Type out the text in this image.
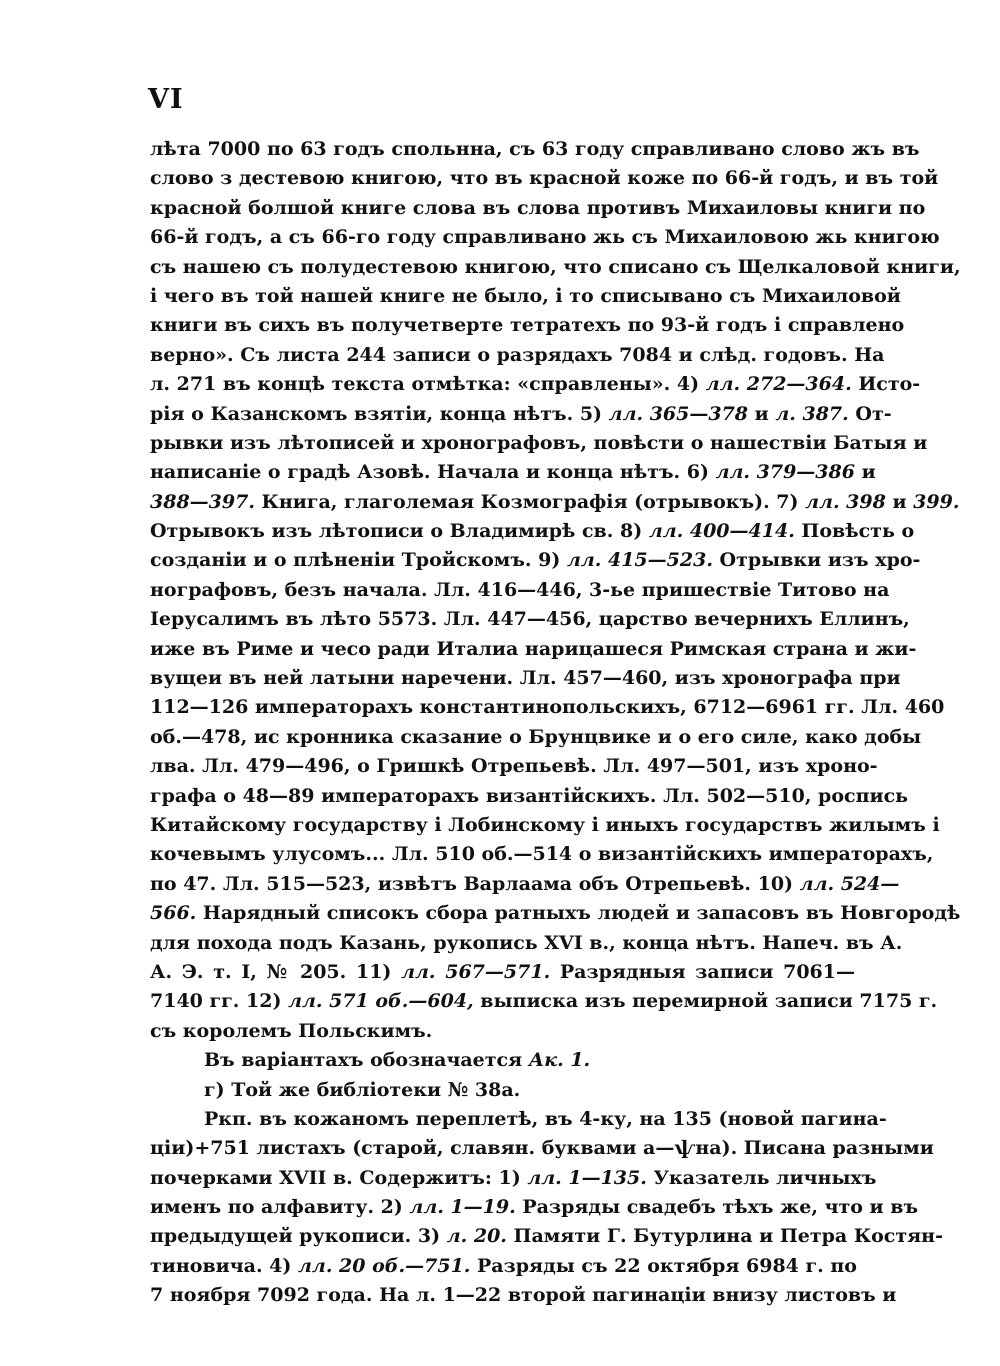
VI
лѣта 7000 по 63 годъ спольнна, съ 63 году справливано слово жъ въ
слово з дестевою книгою, что въ красной коже по 66-й годъ, и въ той
красной болшой книге слова въ слова противъ Михаиловы книги по
66-й годъ, а съ 66-го году справливано жь съ Михаиловою жь книгою
съ нашею съ полудестевою книгою, что списано съ Щелкаловой книги,
і чего въ той нашей книге не было, і то списывано съ Михаиловой
книги въ сихъ въ получетверте тетратехъ по 93-й годъ і справлено
верно». Съ листа 244 записи о разрядахъ 7084 и слѣд. годовъ. На
л. 271 въ концѣ текста отмѣтка: «справлены». 4) лл. 272—364. Исто-
рія о Казанскомъ взятіи, конца нѣтъ. 5) лл. 365—378 и л. 387. От-
рывки изъ лѣтописей и хронографовъ, повѣсти о нашествіи Батыя и
написаніе о градѣ Азовѣ. Начала и конца нѣтъ. 6) лл. 379—386 и
388—397. Книга, глаголемая Козмографія (отрывокъ). 7) лл. 398 и 399.
Отрывокъ изъ лѣтописи о Владимирѣ св. 8) лл. 400—414. Повѣсть о
созданіи и о плѣненіи Тройскомъ. 9) лл. 415—523. Отрывки изъ хро-
нографовъ, безъ начала. Лл. 416—446, 3-ье пришествіе Титово на
Іерусалимъ въ лѣто 5573. Лл. 447—456, царство вечернихъ Еллинъ,
иже въ Риме и чесо ради Италиа нарицашеся Римская страна и жи-
вущеи въ ней латыни наречени. Лл. 457—460, изъ хронографа при
112—126 императорахъ константинопольскихъ, 6712—6961 гг. Лл. 460
об.—478, ис кронника сказание о Брунцвике и о его силе, како добы
лва. Лл. 479—496, о Гришкѣ Отрепьевѣ. Лл. 497—501, изъ хроно-
графа о 48—89 императорахъ византійскихъ. Лл. 502—510, роспись
Китайскому государству і Лобинскому і иныхъ государствъ жилымъ і
кочевымъ улусомъ... Лл. 510 об.—514 о византійскихъ императорахъ,
по 47. Лл. 515—523, извѣтъ Варлаама объ Отрепьевѣ. 10) лл. 524—
566. Нарядный списокъ сбора ратныхъ людей и запасовъ въ Новгородѣ
для похода подъ Казань, рукопись XVI в., конца нѣтъ. Напеч. въ А.
А. Э. т. I, № 205. 11) лл. 567—571. Разрядныя записи 7061—
7140 гг. 12) лл. 571 об.—604, выписка изъ перемирной записи 7175 г.
съ королемъ Польскимъ.
Въ варіантахъ обозначается Ак. 1.
г) Той же библіотеки № 38а.
Ркп. въ кожаномъ переплетѣ, въ 4-ку, на 135 (новой пагина-
ціи)+751 листахъ (старой, славян. буквами а—ѱна). Писана разными
почерками XVII в. Содержитъ: 1) лл. 1—135. Указатель личныхъ
именъ по алфавиту. 2) лл. 1—19. Разряды свадебъ тѣхъ же, что и въ
предыдущей рукописи. 3) л. 20. Памяти Г. Бутурлина и Петра Костян-
тиновича. 4) лл. 20 об.—751. Разряды съ 22 октября 6984 г. по
7 ноября 7092 года. На л. 1—22 второй пагинаціи внизу листовъ и
